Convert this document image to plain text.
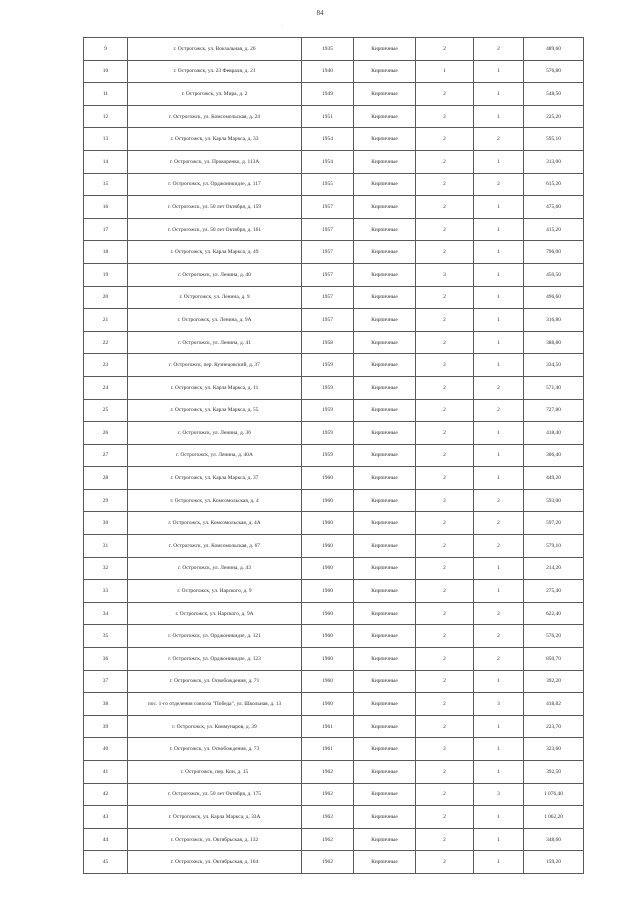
84
.
9	г. Острогожск, ул. Вокзальная, д. 26	1935	Кирпичные	2	2	489,60
10	г. Острогожск, ул. 23 Февраля, д. 21	1940	Кирпичные	1	1	576,80
11	г. Острогожск, ул. Мира, д. 2	1949	Кирпичные	2	1	548,50
12	г. Острогожск, ул. Комсомольская, д. 24	1951	Кирпичные	2	1	225,20
13	г. Острогожск, ул. Карла Маркса, д. 33	1954	Кирпичные	2	2	595,10
14	г. Острогожск, ул. Прокоренко, д. 113А	1954	Кирпичные	2	1	313,00
15	г. Острогожск, ул. Орджоникидзе, д. 117	1955	Кирпичные	2	2	615,20
16	г. Острогожск, ул. 50 лет Октября, д. 159	1957	Кирпичные	2	1	475,60
17	г. Острогожск, ул. 50 лет Октября, д. 161	1957	Кирпичные	2	1	415,20
18	г. Острогожск, ул. Карла Маркса, д. 49	1957	Кирпичные	2	1	796,00
19	г. Острогожск, ул. Ленина, д. 40	1957	Кирпичные	3	1	450,50
20	г. Острогожск, ул. Ленина, д. 9	1957	Кирпичные	2	1	496,60
21	г. Острогожск, ул. Ленина, д. 9А	1957	Кирпичные	2	1	316,80
22	г. Острогожск, ул. Ленина, д. 41	1958	Кирпичные	2	1	388,80
23	г. Острогожск, пер. Кузнецовский, д. 37	1959	Кирпичные	2	1	334,50
24	г. Острогожск, ул. Карла Маркса, д. 11	1959	Кирпичные	2	2	571,40
25	г. Острогожск, ул. Карла Маркса, д. 55	1959	Кирпичные	2	2	727,80
26	г. Острогожск, ул. Ленина, д. 36	1959	Кирпичные	2	1	418,40
27	г. Острогожск, ул. Ленина, д. 40А	1959	Кирпичные	2	1	306,40
28	г. Острогожск, ул. Карла Маркса, д. 37	1960	Кирпичные	2	1	449,20
29	г. Острогожск, ул. Комсомольская, д. 4	1960	Кирпичные	2	2	593,00
30	г. Острогожск, ул. Комсомольская, д. 4А	1960	Кирпичные	2	2	597,20
31	г. Острогожск, ул. Комсомольская, д. 67	1960	Кирпичные	2	2	579,10
32	г. Острогожск, ул. Ленина, д. 43	1960	Кирпичные	2	1	214,20
33	г. Острогожск, ул. Нарского, д. 9	1960	Кирпичные	2	1	275,40
34	г. Острогожск, ул. Нарского, д. 9А	1960	Кирпичные	2	2	622,40
35	г. Острогожск, ул. Орджоникидзе, д. 121	1960	Кирпичные	2	2	576,20
36	г. Острогожск, ул. Орджоникидзе, д. 123	1960	Кирпичные	2	2	850,70
37	г. Острогожск, ул. Освобождения, д. 71	1960	Кирпичные	2	1	392,20
38	пос. 1-го отделения совхоза "Победа", ул. Школьная, д. 13	1960	Кирпичные	2	3	418,82
39	г. Острогожск, ул. Коммунаров, д. 39	1961	Кирпичные	2	1	223,70
40	г. Острогожск, ул. Освобождения, д. 73	1961	Кирпичные	2	1	323,60
41	г. Острогожск, пер. Кон, д. 15	1962	Кирпичные	2	1	392,50
42	г. Острогожск, ул. 50 лет Октября, д. 175	1962	Кирпичные	2	3	1 076,40
43	г. Острогожск, ул. Карла Маркса, д. 33А	1962	Кирпичные	2	1	1 062,20
44	г. Острогожск, ул. Октябрьская, д. 132	1962	Кирпичные	2	1	348,60
45	г. Острогожск, ул. Октябрьская, д. 164	1962	Кирпичные	2	1	159,20
